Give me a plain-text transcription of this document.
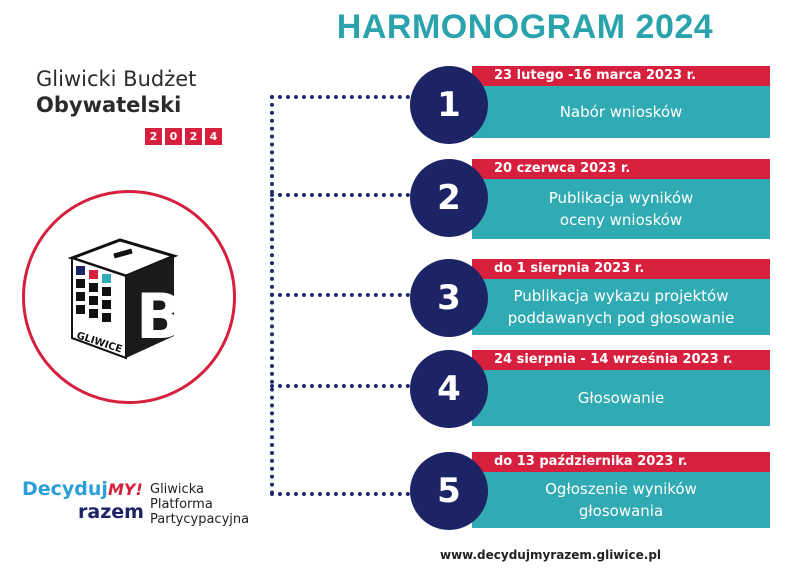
HARMONOGRAM 2024
Gliwicki Budżet
Obywatelski
2	0	2	4
B
GLIWICE
23 lutego -16 marca 2023 r.
Nabór wniosków
1
20 czerwca 2023 r.
Publikacja wyników
oceny wniosków
2
do 1 sierpnia 2023 r.
Publikacja wykazu projektów
poddawanych pod głosowanie
3
24 sierpnia - 14 września 2023 r.
Głosowanie
4
do 13 października 2023 r.
Ogłoszenie wyników
głosowania
5
DecydujMY!
razem
Gliwicka
Platforma
Partycypacyjna
www.decydujmyrazem.gliwice.pl
